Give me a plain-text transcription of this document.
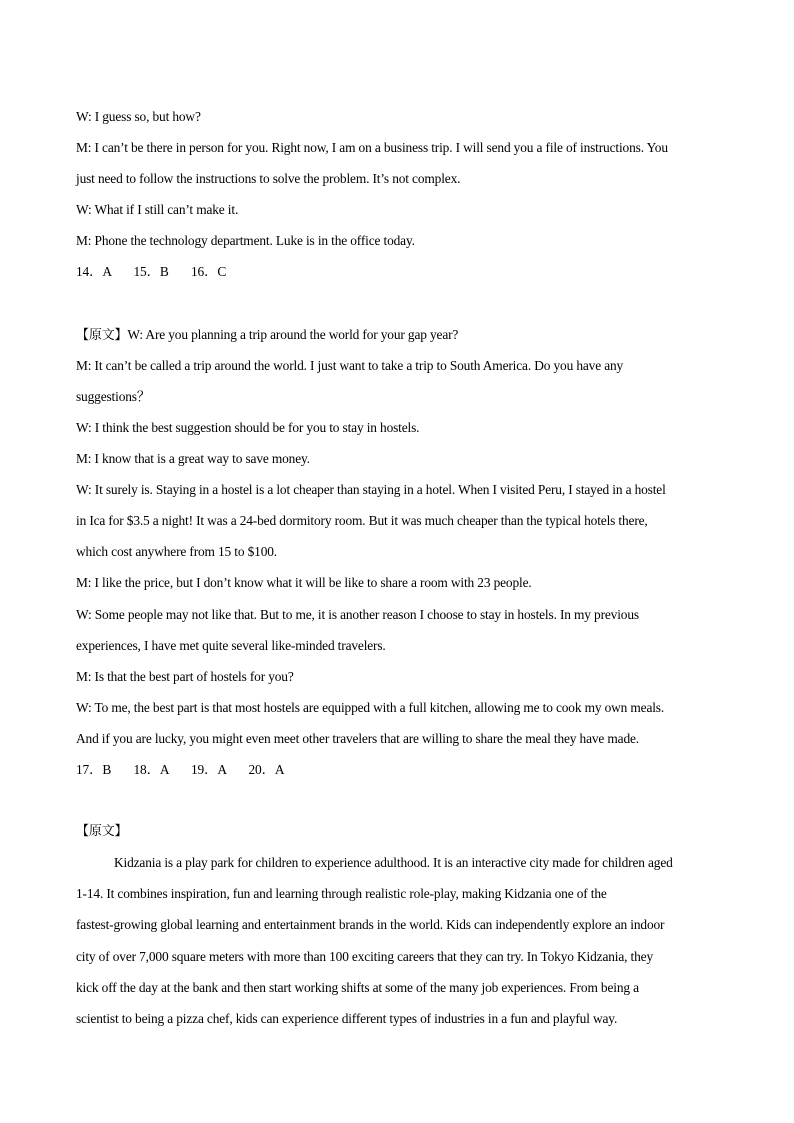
W: I guess so, but how?
M: I can’t be there in person for you. Right now, I am on a business trip. I will send you a file of instructions. You
just need to follow the instructions to solve the problem. It’s not complex.
W: What if I still can’t make it.
M: Phone the technology department. Luke is in the office today.
14．A       15．B       16．C
【原文】W: Are you planning a trip around the world for your gap year?
M: It can’t be called a trip around the world. I just want to take a trip to South America. Do you have any
suggestions？
W: I think the best suggestion should be for you to stay in hostels.
M: I know that is a great way to save money.
W: It surely is. Staying in a hostel is a lot cheaper than staying in a hotel. When I visited Peru, I stayed in a hostel
in Ica for $3.5 a night! It was a 24-bed dormitory room. But it was much cheaper than the typical hotels there,
which cost anywhere from 15 to $100.
M: I like the price, but I don’t know what it will be like to share a room with 23 people.
W: Some people may not like that. But to me, it is another reason I choose to stay in hostels. In my previous
experiences, I have met quite several like-minded travelers.
M: Is that the best part of hostels for you?
W: To me, the best part is that most hostels are equipped with a full kitchen, allowing me to cook my own meals.
And if you are lucky, you might even meet other travelers that are willing to share the meal they have made.
17．B       18．A       19．A       20．A
【原文】
Kidzania is a play park for children to experience adulthood. It is an interactive city made for children aged
1-14. It combines inspiration, fun and learning through realistic role-play, making Kidzania one of the
fastest-growing global learning and entertainment brands in the world. Kids can independently explore an indoor
city of over 7,000 square meters with more than 100 exciting careers that they can try. In Tokyo Kidzania, they
kick off the day at the bank and then start working shifts at some of the many job experiences. From being a
scientist to being a pizza chef, kids can experience different types of industries in a fun and playful way.
